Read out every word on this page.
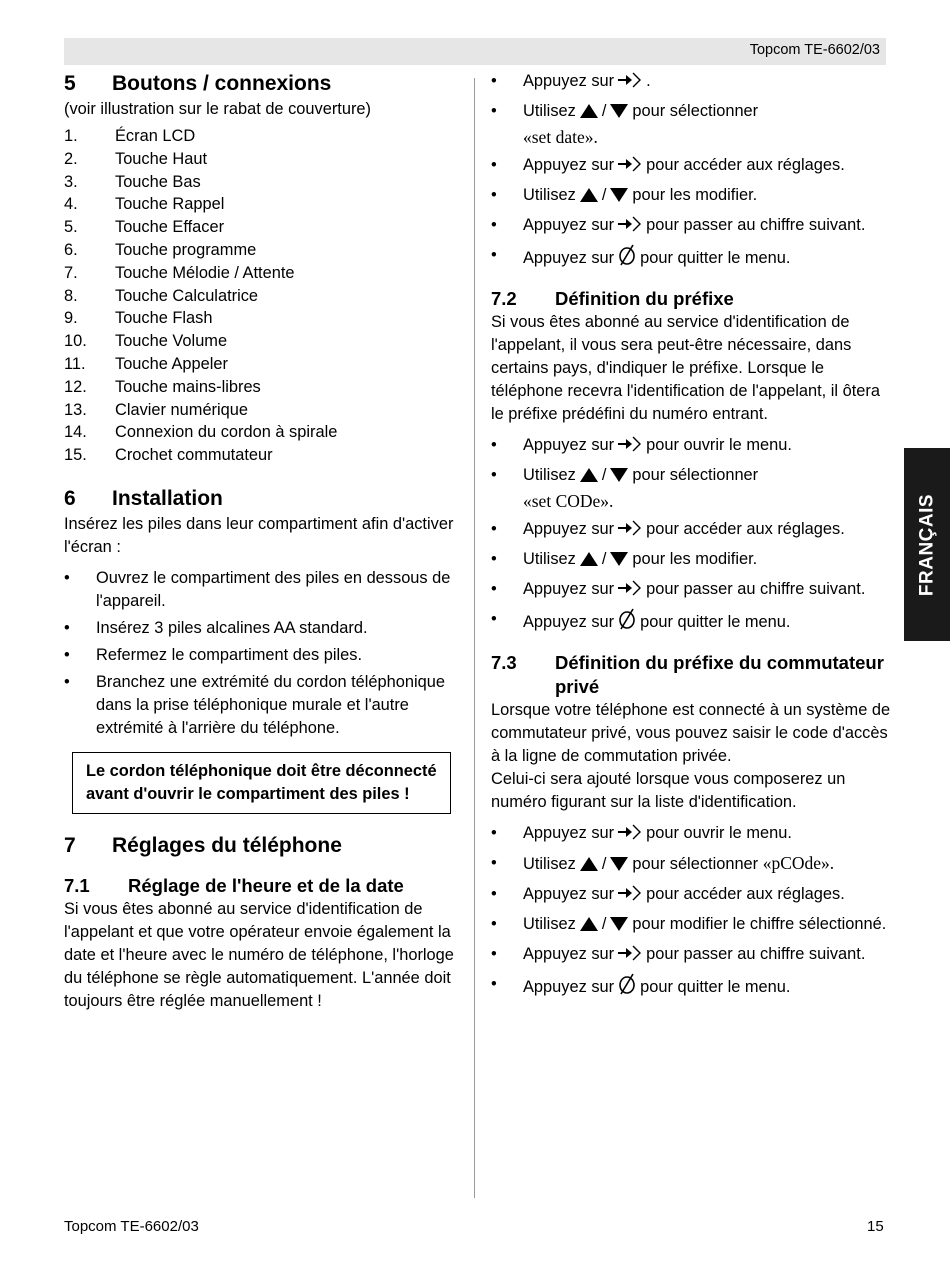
Topcom TE-6602/03
FRANÇAIS
5	Boutons / connexions

(voir illustration sur le rabat de couverture)

1.	Écran LCD
2.	Touche Haut
3.	Touche Bas
4.	Touche Rappel
5.	Touche Effacer
6.	Touche programme
7.	Touche Mélodie / Attente
8.	Touche Calculatrice
9.	Touche Flash
10.	Touche Volume
11.	Touche Appeler
12.	Touche mains-libres
13.	Clavier numérique
14.	Connexion du cordon à spirale
15.	Crochet commutateur
6	Installation

Insérez les piles dans leur compartiment afin d'activer l'écran :

• Ouvrez le compartiment des piles en dessous de l'appareil.
• Insérez 3 piles alcalines AA standard.
• Refermez le compartiment des piles.
• Branchez une extrémité du cordon téléphonique dans la prise téléphonique murale et l'autre extrémité à l'arrière du téléphone.
Le cordon téléphonique doit être déconnecté avant d'ouvrir le compartiment des piles !
7	Réglages du téléphone
7.1	Réglage de l'heure et de la date

Si vous êtes abonné au service d'identification de l'appelant et que votre opérateur envoie également la date et l'heure avec le numéro de téléphone, l'horloge du téléphone se règle automatiquement. L'année doit toujours être réglée manuellement !

• Appuyez sur .
• Utilisez / pour sélectionner
«set date».
• Appuyez sur pour accéder aux réglages.
• Utilisez / pour les modifier.
• Appuyez sur pour passer au chiffre suivant.
• Appuyez sur pour quitter le menu.
7.2	Définition du préfixe

Si vous êtes abonné au service d'identification de l'appelant, il vous sera peut-être nécessaire, dans certains pays, d'indiquer le préfixe. Lorsque le téléphone recevra l'identification de l'appelant, il ôtera le préfixe prédéfini du numéro entrant.

• Appuyez sur pour ouvrir le menu.
• Utilisez / pour sélectionner
«set CODe».
• Appuyez sur pour accéder aux réglages.
• Utilisez / pour les modifier.
• Appuyez sur pour passer au chiffre suivant.
• Appuyez sur pour quitter le menu.
7.3	Définition du préfixe du commutateur privé

Lorsque votre téléphone est connecté à un système de commutateur privé, vous pouvez saisir le code d'accès à la ligne de commutation privée.

Celui-ci sera ajouté lorsque vous composerez un numéro figurant sur la liste d'identification.

• Appuyez sur pour ouvrir le menu.
• Utilisez / pour sélectionner «pCOde».
• Appuyez sur pour accéder aux réglages.
• Utilisez / pour modifier le chiffre sélectionné.
• Appuyez sur pour passer au chiffre suivant.
• Appuyez sur pour quitter le menu.
Topcom TE-6602/03	15
